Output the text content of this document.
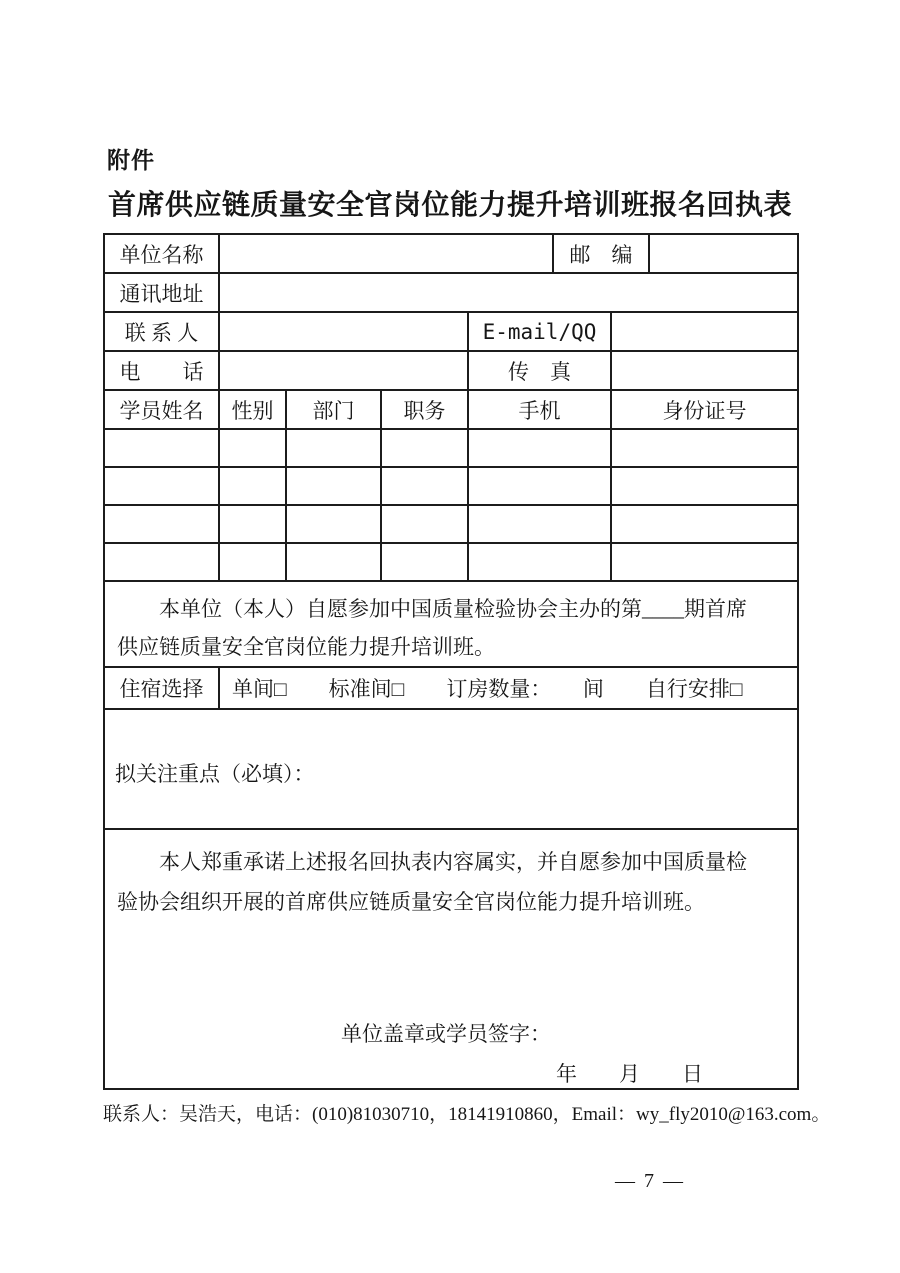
附件
首席供应链质量安全官岗位能力提升培训班报名回执表
单位名称					邮　编		
通讯地址							
联 系 人				E-mail/QQ			
电　　话				传　真			
学员姓名	性别	部门	职务	手机		身份证号	

本单位（本人）自愿参加中国质量检验协会主办的第____期首席
供应链质量安全官岗位能力提升培训班。							

住宿选择	单间□　　标准间□　　订房数量：　　间　　自行安排□						
拟关注重点（必填）：							

本人郑重承诺上述报名回执表内容属实，并自愿参加中国质量检
验协会组织开展的首席供应链质量安全官岗位能力提升培训班。
单位盖章或学员签字：
年　　月　　日							
联系人：吴浩天，电话：(010)81030710，18141910860，Email：wy_fly2010@163.com。
— 7 —
